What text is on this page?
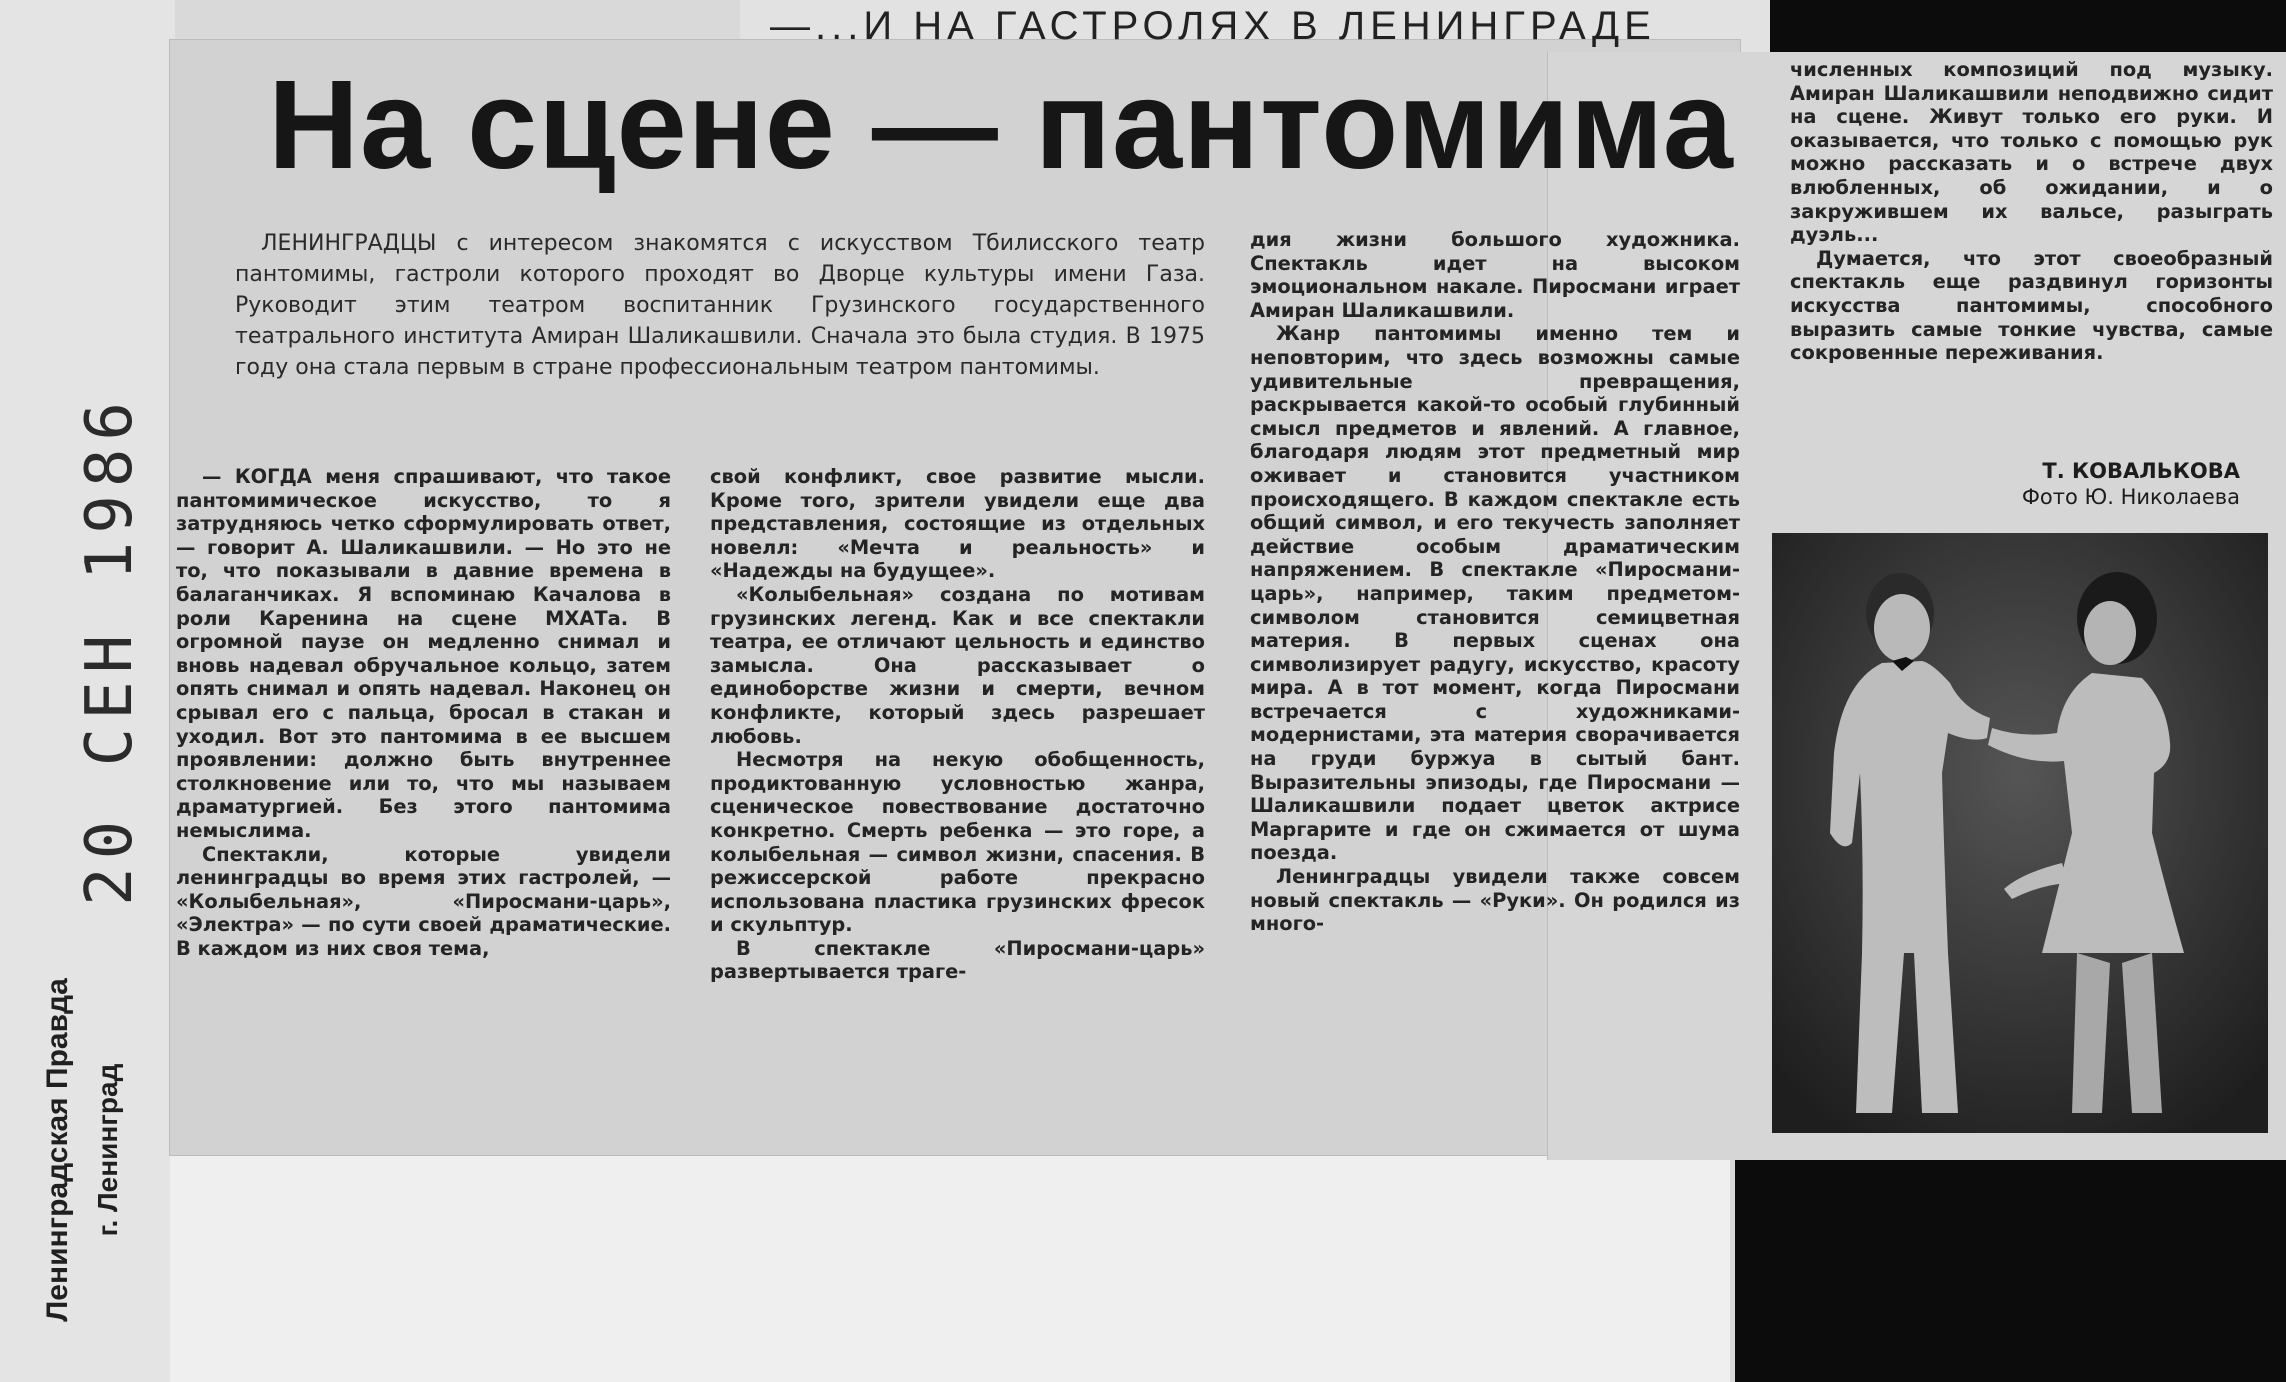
—...И НА ГАСТРОЛЯХ В ЛЕНИНГРАДЕ
На сцене — пантомима
ЛЕНИНГРАДЦЫ с интересом знакомятся с искусством Тбилисского театр пантомимы, гастроли которого проходят во Дворце культуры имени Газа. Руководит этим театром воспитанник Грузинского государственного театрального института Амиран Шаликашвили. Сначала это была студия. В 1975 году она стала первым в стране профессиональным театром пантомимы.

— КОГДА меня спрашивают, что такое пантомимическое искусство, то я затрудняюсь четко сформулировать ответ, — говорит А. Шаликашвили. — Но это не то, что показывали в давние времена в балаганчиках. Я вспоминаю Качалова в роли Каренина на сцене МХАТа. В огромной паузе он медленно снимал и вновь надевал обручальное кольцо, затем опять снимал и опять надевал. Наконец он срывал его с пальца, бросал в стакан и уходил. Вот это пантомима в ее высшем проявлении: должно быть внутреннее столкновение или то, что мы называем драматургией. Без этого пантомима немыслима.

Спектакли, которые увидели ленинградцы во время этих гастролей, — «Колыбельная», «Пиросмани-царь», «Электра» — по сути своей драматические. В каждом из них своя тема,

свой конфликт, свое развитие мысли. Кроме того, зрители увидели еще два представления, состоящие из отдельных новелл: «Мечта и реальность» и «Надежды на будущее».

«Колыбельная» создана по мотивам грузинских легенд. Как и все спектакли театра, ее отличают цельность и единство замысла. Она рассказывает о единоборстве жизни и смерти, вечном конфликте, который здесь разрешает любовь.

Несмотря на некую обобщенность, продиктованную условностью жанра, сценическое повествование достаточно конкретно. Смерть ребенка — это горе, а колыбельная — символ жизни, спасения. В режиссерской работе прекрасно использована пластика грузинских фресок и скульптур.

В спектакле «Пиросмани-царь» развертывается траге-

дия жизни большого художника. Спектакль идет на высоком эмоциональном накале. Пиросмани играет Амиран Шаликашвили.

Жанр пантомимы именно тем и неповторим, что здесь возможны самые удивительные превращения, раскрывается какой-то особый глубинный смысл предметов и явлений. А главное, благодаря людям этот предметный мир оживает и становится участником происходящего. В каждом спектакле есть общий символ, и его текучесть заполняет действие особым драматическим напряжением. В спектакле «Пиросмани-царь», например, таким предметом-символом становится семицветная материя. В первых сценах она символизирует радугу, искусство, красоту мира. А в тот момент, когда Пиросмани встречается с художниками-модернистами, эта материя сворачивается на груди буржуа в сытый бант. Выразительны эпизоды, где Пиросмани — Шаликашвили подает цветок актрисе Маргарите и где он сжимается от шума поезда.

Ленинградцы увидели также совсем новый спектакль — «Руки». Он родился из много-

численных композиций под музыку. Амиран Шаликашвили неподвижно сидит на сцене. Живут только его руки. И оказывается, что только с помощью рук можно рассказать и о встрече двух влюбленных, об ожидании, и о закружившем их вальсе, разыграть дуэль...

Думается, что этот своеобразный спектакль еще раздвинул горизонты искусства пантомимы, способного выразить самые тонкие чувства, самые сокровенные переживания.

Т. КОВАЛЬКОВА
Фото Ю. Николаева
20 СЕН 1986
Ленинградская Правда г. Ленинград
